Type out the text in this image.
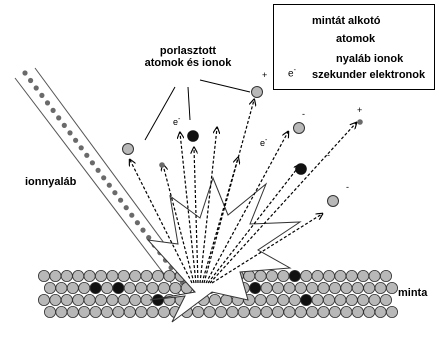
mintát alkotó
atomok
nyaláb ionok
e- szekunder elektronok
porlasztott
atomok és ionok
ionnyaláb
minta
e-
e-
+
+
-
-
-
